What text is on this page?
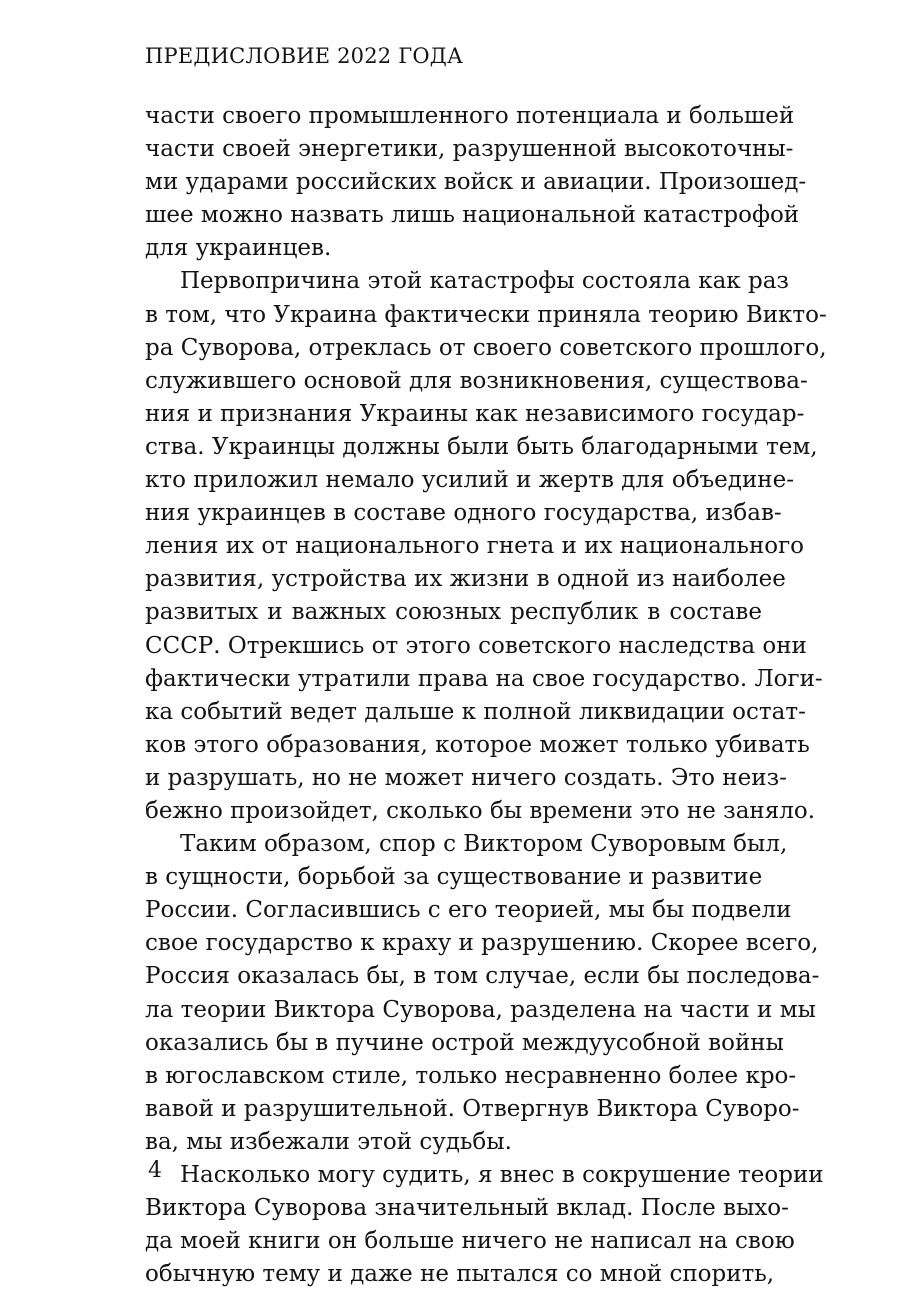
ПРЕДИСЛОВИЕ 2022 ГОДА
части своего промышленного потенциала и большей
части своей энергетики, разрушенной высокоточны-
ми ударами российских войск и авиации. Произошед-
шее можно назвать лишь национальной катастрофой
для украинцев.
Первопричина этой катастрофы состояла как раз
в том, что Украина фактически приняла теорию Викто-
ра Суворова, отреклась от своего советского прошлого,
служившего основой для возникновения, существова-
ния и признания Украины как независимого государ-
ства. Украинцы должны были быть благодарными тем,
кто приложил немало усилий и жертв для объедине-
ния украинцев в составе одного государства, избав-
ления их от национального гнета и их национального
развития, устройства их жизни в одной из наиболее
развитых и важных союзных республик в составе
СССР. Отрекшись от этого советского наследства они
фактически утратили права на свое государство. Логи-
ка событий ведет дальше к полной ликвидации остат-
ков этого образования, которое может только убивать
и разрушать, но не может ничего создать. Это неиз-
бежно произойдет, сколько бы времени это не заняло.
Таким образом, спор с Виктором Суворовым был,
в сущности, борьбой за существование и развитие
России. Согласившись с его теорией, мы бы подвели
свое государство к краху и разрушению. Скорее всего,
Россия оказалась бы, в том случае, если бы последова-
ла теории Виктора Суворова, разделена на части и мы
оказались бы в пучине острой междуусобной войны
в югославском стиле, только несравненно более кро-
вавой и разрушительной. Отвергнув Виктора Суворо-
ва, мы избежали этой судьбы.
Насколько могу судить, я внес в сокрушение теории
Виктора Суворова значительный вклад. После выхо-
да моей книги он больше ничего не написал на свою
обычную тему и даже не пытался со мной спорить,
4
